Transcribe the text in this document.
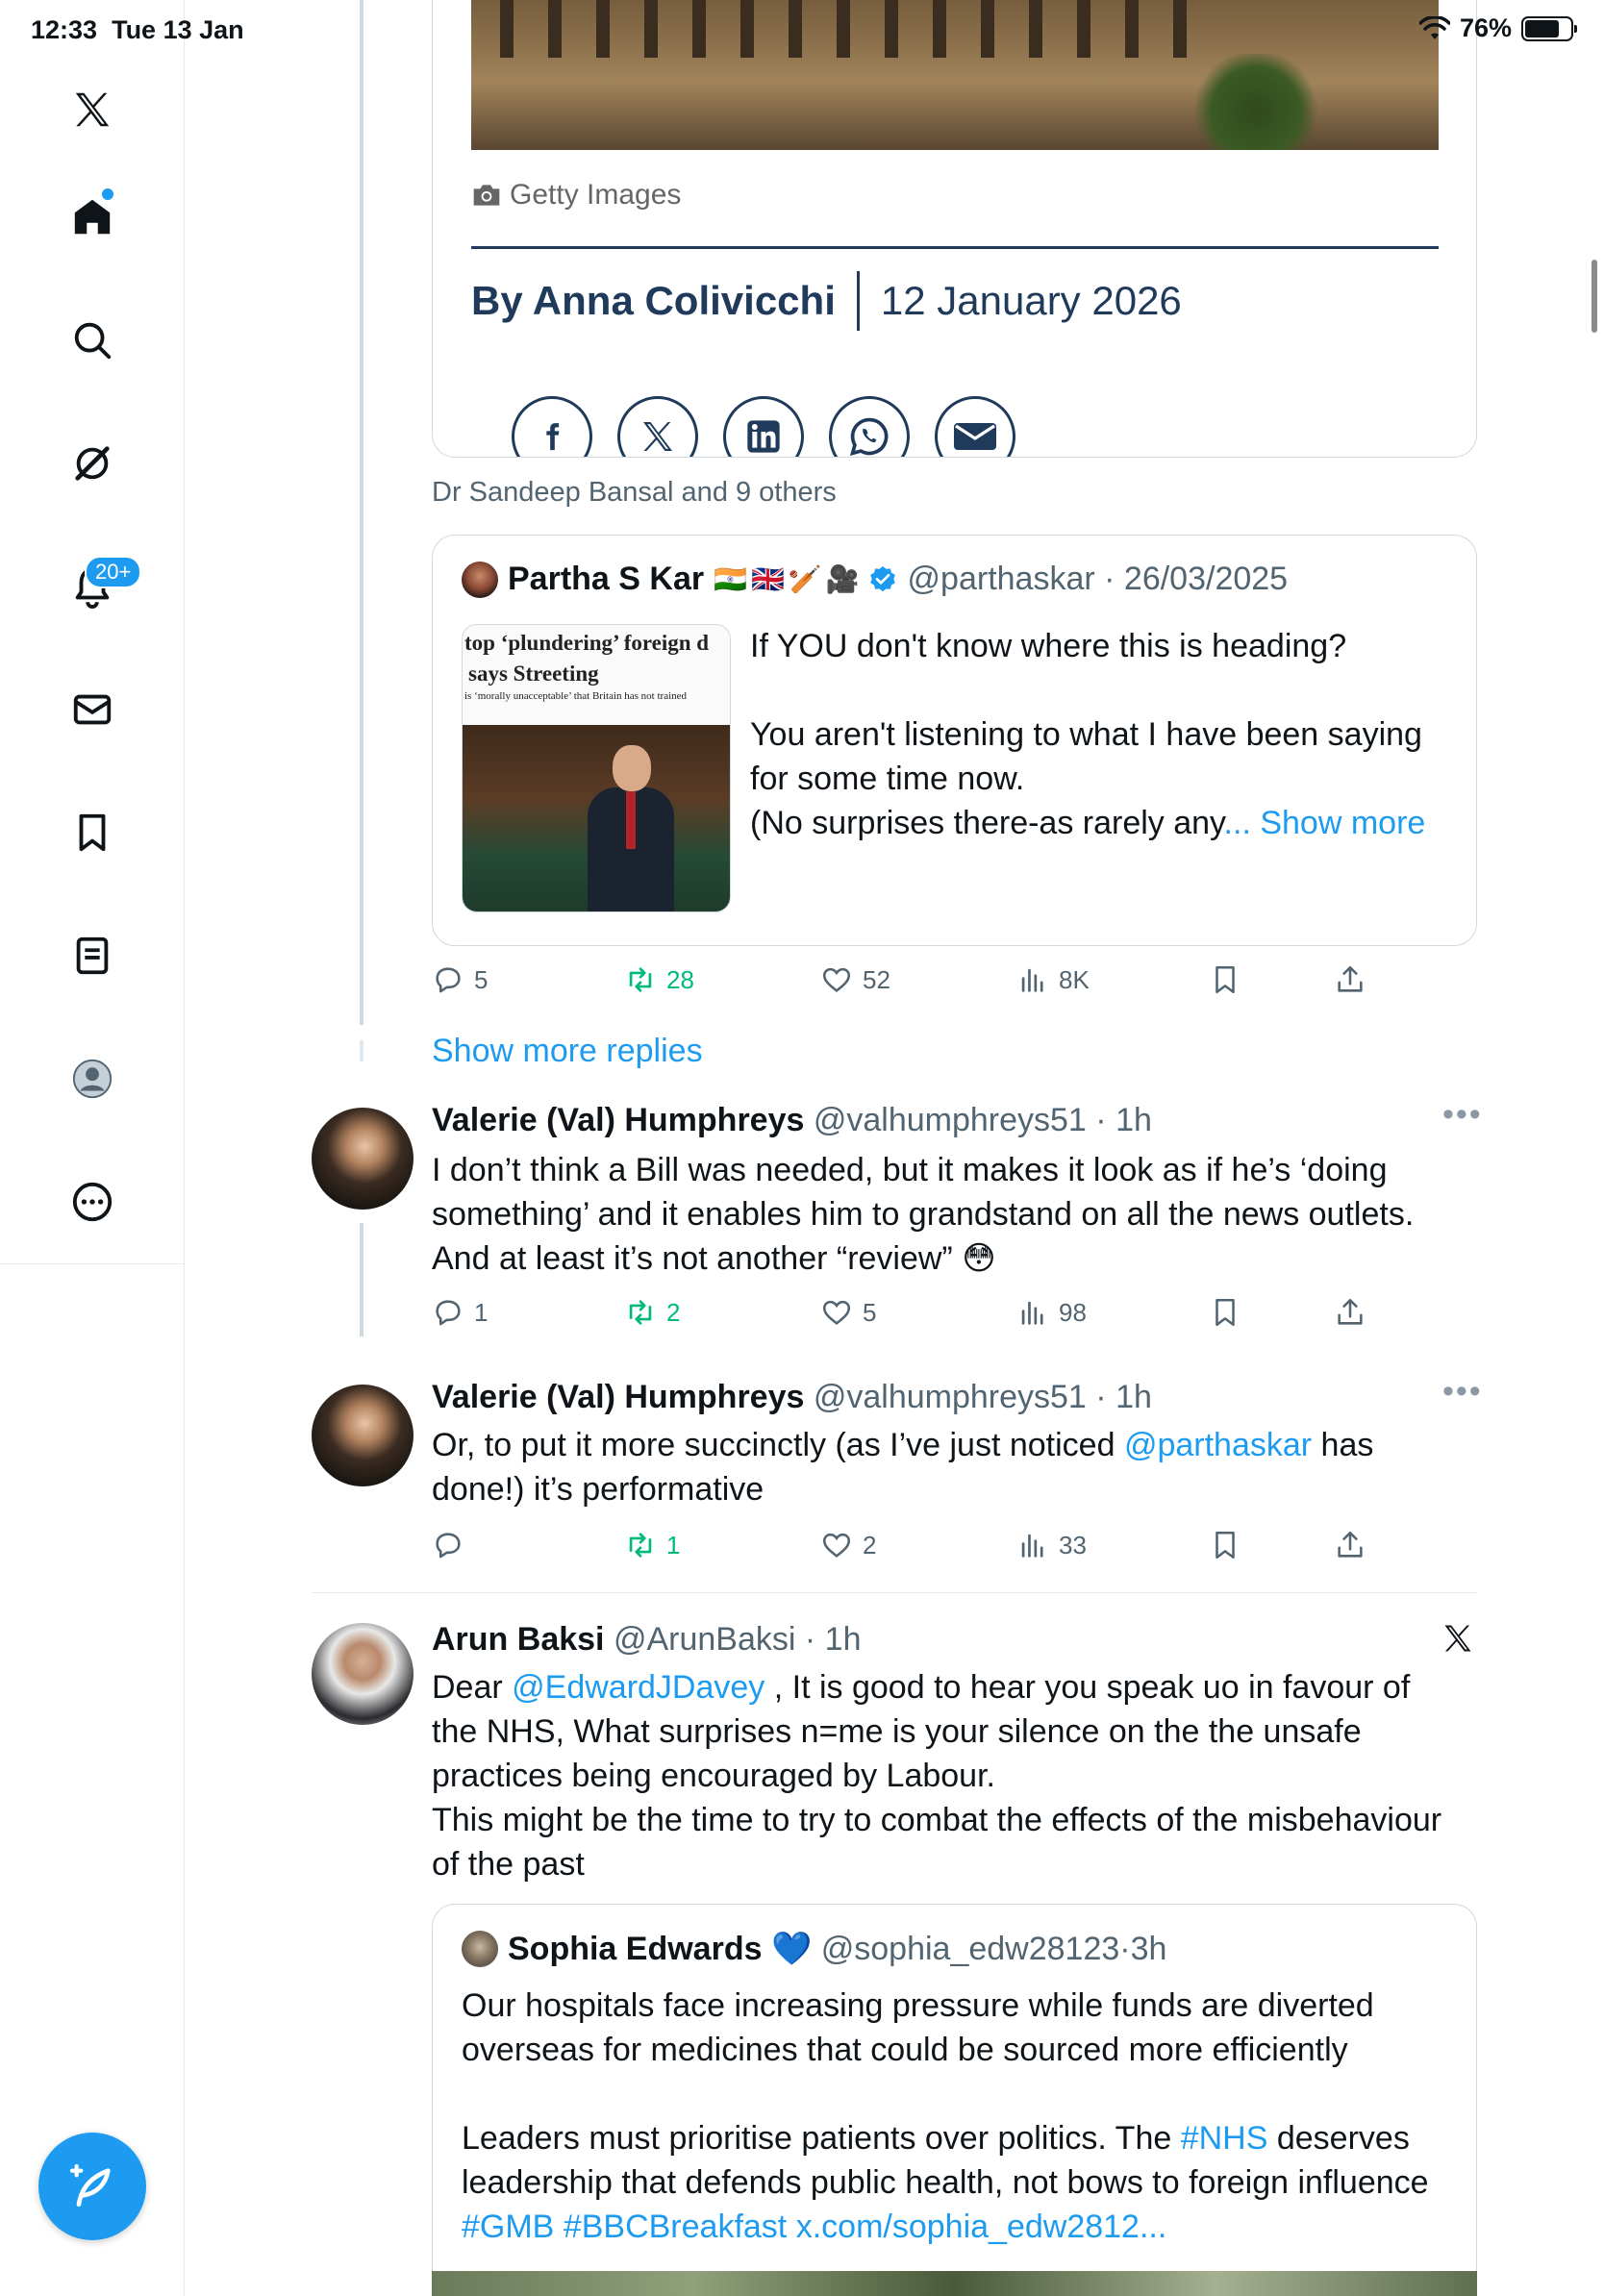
12:33 Tue 13 Jan	76%
20+
Getty Images
By Anna Colivicchi 12 January 2026
Dr Sandeep Bansal and 9 others
Partha S Kar 🇮🇳🇬🇧🏏🎥 @parthaskar · 26/03/2025
top ‘plundering’ foreign d
says Streeting
is ‘morally unacceptable’ that Britain has not trained

If YOU don't know where this is heading?

You aren't listening to what I have been saying for some time now.

(No surprises there-as rarely any... Show more

5	28	52	8K
Show more replies
Valerie (Val) Humphreys @valhumphreys51 · 1h	•••
I don’t think a Bill was needed, but it makes it look as if he’s ‘doing something’ and it enables him to grandstand on all the news outlets.
And at least it’s not another “review” 😳
1	2	5	98
Valerie (Val) Humphreys @valhumphreys51 · 1h	•••
Or, to put it more succinctly (as I’ve just noticed @parthaskar has done!) it’s performative
1	2	33
Arun Baksi @ArunBaksi · 1h
Dear @EdwardJDavey , It is good to hear you speak uo in favour of the NHS, What surprises n=me is your silence on the the unsafe practices being encouraged by Labour.
This might be the time to try to combat the effects of the misbehaviour of the past
Sophia Edwards
💙
@sophia_edw28123 · 3h
Our hospitals face increasing pressure while funds are diverted overseas for medicines that could be sourced more efficiently
Leaders must prioritise patients over politics. The #NHS deserves leadership that defends public health, not bows to foreign influence
#GMB #BBCBreakfast x.com/sophia_edw2812...
